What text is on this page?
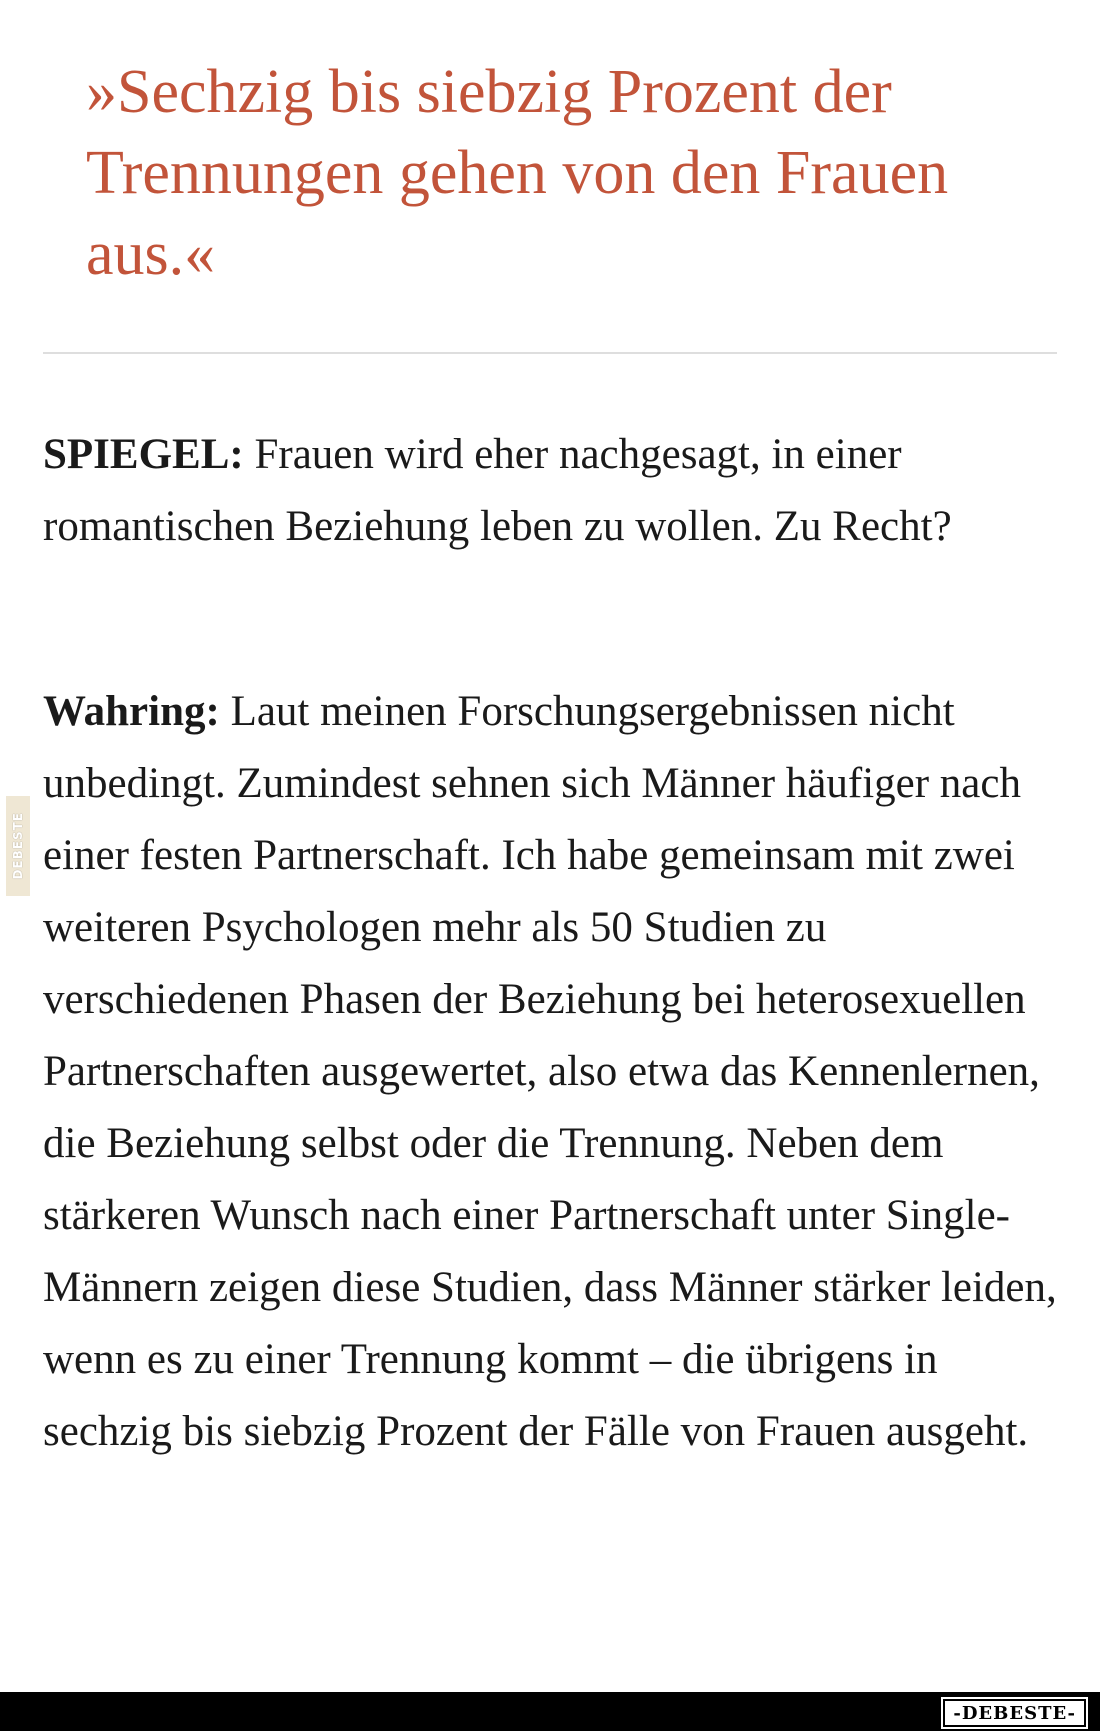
»Sechzig bis siebzig Prozent der Trennungen gehen von den Frauen aus.«

SPIEGEL: Frauen wird eher nachgesagt, in einer romantischen Beziehung leben zu wollen. Zu Recht?

Wahring: Laut meinen Forschungsergebnissen nicht unbedingt. Zumindest sehnen sich Männer häufiger nach einer festen Partnerschaft. Ich habe gemeinsam mit zwei weiteren Psychologen mehr als 50 Studien zu verschiedenen Phasen der Beziehung bei heterosexuellen Partnerschaften ausgewertet, also etwa das Kennenlernen, die Beziehung selbst oder die Trennung. Neben dem stärkeren Wunsch nach einer Partnerschaft unter Single-Männern zeigen diese Studien, dass Männer stärker leiden, wenn es zu einer Trennung kommt – die übrigens in sechzig bis siebzig Prozent der Fälle von Frauen ausgeht.

DEBESTE
-DEBESTE-
